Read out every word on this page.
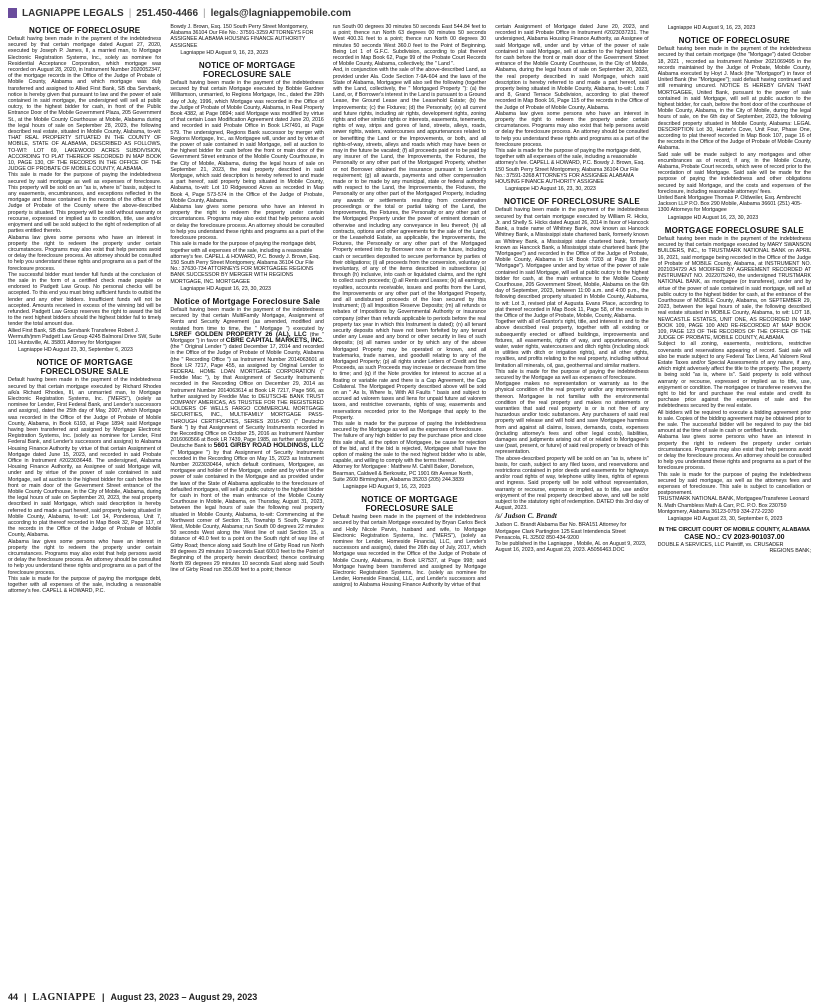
LAGNIAPPE LEGALS | 251.450-4466 | legals@lagniappemobile.com
NOTICE OF FORECLOSURE

Default having been made in the payment of the indebtedness secured by that certain mortgage dated August 27, 2020, executed by Joseph P. James, II, a married man, to Mortgage Electronic Registration Systems, Inc., solely as nominee for Residential Acceptance Corporation, which mortgage was recorded on August 28, 2020, in Instrument Number 2020052347, of the mortgage records in the Office of the Judge of Probate of Mobile County, Alabama and which mortgage was duly transferred and assigned to Allied First Bank, SB dba Servbank, notice is hereby given that pursuant to law and the power of sale contained in said mortgage, the undersigned will sell at public outcry, to the highest bidder for cash, in front of the Public Entrance Door of the Mobile Government Plaza, 205 Government St., at the Mobile County Courthouse at Mobile, Alabama during the legal hours of sale on September 28, 2023, the following described real estate, situated in Mobile County, Alabama, to-wit: THAT REAL PROPERTY SITUATED IN THE COUNTY OF MOBILE, STATE OF ALABAMA, DESCRIBED AS FOLLOWS, TO-WIT: LOT 69, LAKEWOOD ACRES SUBDIVISION, ACCORDING TO PLAT THEREOF RECORDED IN MAP BOOK 10, PAGE 130, OF THE RECORDS IN THE OFFICE OF THE JUDGE OF PROBATE OF MOBILE COUNTY, ALABAMA.

This sale is made for the purpose of paying the indebtedness secured by said mortgage as well as expenses of foreclosure. This property will be sold on an "as is, where is" basis, subject to any easements, encumbrances, and exceptions reflected in the mortgage and those contained in the records of the office of the Judge of Probate of the County where the above-described property is situated. This property will be sold without warranty or recourse, expressed or implied as to condition, title, use and/or enjoyment and will be sold subject to the right of redemption of all parties entitled thereto.

Alabama law gives some persons who have an interest in property the right to redeem the property under certain circumstances. Programs may also exist that help persons avoid or delay the foreclosure process. An attorney should be consulted to help you understand these rights and programs as a part of the foreclosure process.

The successful bidder must tender full funds at the conclusion of the sale in the form of a certified check made payable or endorsed to Padgett Law Group. No personal checks will be accepted. To this end you must bring sufficient funds to outbid the lender and any other bidders. Insufficient funds will not be accepted. Amounts received in excess of the winning bid will be refunded. Padgett Law Group reserves the right to award the bid to the next highest bidders should the highest bidder fail to timely tender the total amount due.

Allied First Bank, SB dba Servbank Transferee Robert J. Wermuth/jmm Padgett Law Group 4245 Balmoral Drive SW, Suite 101 Huntsville, AL 35801 Attorney for Mortgagee

Lagniappe HD August 23, 30, September 6, 2023

NOTICE OF MORTGAGE FORECLOSURE SALE

Default having been made in the payment of the indebtedness secured by that certain mortgage executed by Richard Rhodes a/k/a Richard Rhodes, III, an unmarried man, to Mortgage Electronic Registration Systems, Inc. ("MERS"), (solely as nominee for Lender, First Federal Bank, and Lender's successors and assigns), dated the 25th day of May, 2007, which Mortgage was recorded in the Office of the Judge of Probate of Mobile County, Alabama, in Book 6193, at Page 1894; said Mortgage having been transferred and assigned by Mortgage Electronic Registration Systems, Inc. (solely as nominee for Lender, First Federal Bank, and Lender's successors and assigns) to Alabama Housing Finance Authority by virtue of that certain Assignment of Mortgage dated June 15, 2023, and recorded in said Probate Office in Instrument #2023036448. The undersigned, Alabama Housing Finance Authority, as Assignee of said Mortgage will, under and by virtue of the power of sale contained in said Mortgage, sell at auction to the highest bidder for cash before the front or main door of the Government Street entrance of the Mobile County Courthouse, in the City of Mobile, Alabama, during the legal hours of sale on September 20, 2023, the real property described in said Mortgage, which said description is hereby referred to and made a part hereof, said property being situated in Mobile County, Alabama, to-wit: Lot 14, Ponderosa, Unit 7, according to plat thereof recorded in Map Book 32, Page 117, of the records in the Office of the Judge of Probate of Mobile County, Alabama.

Alabama law gives some persons who have an interest in property the right to redeem the property under certain circumstances. Programs may also exist that help persons avoid or delay the foreclosure process. An attorney should be consulted to help you understand these rights and programs as a part of the foreclosure process.

This sale is made for the purpose of paying the mortgage debt, together with all expenses of the sale, including a reasonable attorney's fee. CAPELL & HOWARD, P.C.

Bowdy J. Brown, Esq. 150 South Perry Street Montgomery, Alabama 36104 Our File No.: 37591-3259 ATTORNEYS FOR ASSIGNEE ALABAMA HOUSING FINANCE AUTHORITY ASSIGNEE

Lagniappe HD August 9, 16, 23, 2023

NOTICE OF MORTGAGE FORECLOSURE SALE

Default having been made in the payment of the indebtedness secured by that certain Mortgage executed by Bobbie Gardner Williamson, unmarried, to Regions Mortgage, Inc., dated the 29th day of July, 1996, which Mortgage was recorded in the Office of the Judge of Probate of Mobile County, Alabama, in Real Property Book 4382, at Page 0894; said Mortgage was modified by virtue of that certain Loan Modification Agreement dated June 20, 2016 and recorded in said Probate Office in Book LR7491, at Page 579. The undersigned, Regions Bank successor by merger with Regions Mortgage, Inc., as Mortgagee will, under and by virtue of the power of sale contained in said Mortgage, sell at auction to the highest bidder for cash before the front or main door of the Government Street entrance of the Mobile County Courthouse, in the City of Mobile, Alabama, during the legal hours of sale on September 21, 2023, the real property described in said Mortgage, which said description is hereby referred to and made a part hereof, said property being situated in Mobile County, Alabama, to-wit: Lot 10 Ridgewood Acres as recorded in Map Book 4, Page 573-574 in the Office of the Judge of Probate, Mobile County, Alabama.

Alabama law gives some persons who have an interest in property the right to redeem the property under certain circumstances. Programs may also exist that help persons avoid or delay the foreclosure process. An attorney should be consulted to help you understand these rights and programs as a part of the foreclosure process.

This sale is made for the purpose of paying the mortgage debt, together with all expenses of the sale, including a reasonable attorney's fee. CAPELL & HOWARD, P.C. Bowdy J. Brown, Esq. 150 South Perry Street Montgomery, Alabama 36104 Our File No.: 37630-734 ATTORNEYS FOR MORTGAGEE REGIONS BANK SUCCESSOR BY MERGER WITH REGIONS MORTGAGE, INC. MORTGAGEE

Lagniappe HD August 16, 23, 30, 2023

Notice of Mortgage Foreclosure Sale

Default having been made in the payment of the indebtedness secured by that certain MultiFamily Mortgage, Assignment of Rents and Security Agreement (as amended, modified and restated from time to time, the " Mortgage ") executed by LSREF GOLDEN PROPERTY 26 (AL), LLC (the " Mortgagor ") in favor of CBRE CAPITAL MARKETS, INC. (the " Original Lender ") dated December 17, 2014 and recorded in the Office of the Judge of Probate of Mobile County, Alabama (the " Recording Office ") as Instrument Number 2014063601 at Book LR 7217, Page 455, as assigned by Original Lender to FEDERAL HOME LOAN MORTGAGE CORPORATION (" Freddie Mac "), by that Assignment of Security Instruments recorded in the Recording Office on December 29, 2014 as Instrument Number 2014063614 at Book LR 7217, Page 566, as further assigned by Freddie Mac to DEUTSCHE BANK TRUST COMPANY AMERICAS, AS TRUSTEE FOR THE REGISTERED HOLDERS OF WELLS FARGO COMMERCIAL MORTGAGE SECURITIES, INC., MULTIFAMILY MORTGAGE PASS-THROUGH CERTIFICATES, SERIES 2016-K50 (" Deutsche Bank ") by that Assignment of Security Instruments recorded in the Recording Office on October 25, 2016 as Instrument Number 2016060566 at Book LR 7439, Page 1985, as further assigned by Deutsche Bank to 5601 GIRBY ROAD HOLDINGS, LLC (" Mortgagee ") by that Assignment of Security Instruments recorded in the Recording Office on May 15, 2023 as Instrument Number 2023030464, which default continues, Mortgagee, as mortgagee and holder of the Mortgage, under and by virtue of the power of sale contained in the Mortgage and as provided under the laws of the State of Alabama applicable to the foreclosure of defaulted mortgages, will sell at public outcry to the highest bidder for cash in front of the main entrance of the Mobile County Courthouse in Mobile, Alabama, on Thursday, August 31, 2023, between the legal hours of sale the following real property situated in Mobile County, Alabama, to-wit: Commencing at the Northwest corner of Section 15, Township 5 South, Range 2 West, Mobile County, Alabama; run South 00 degrees 22 minutes 50 seconds West along the West line of said Section 15, a distance of 40.0 feet to a point on the South right of way line of Girby Road; thence along said South line of Girby Road run North 89 degrees 29 minutes 10 seconds East 600.0 feet to the Point of Beginning of the property herein described; thence continuing North 89 degrees 29 minutes 10 seconds East along said South line of Girby Road run 355.08 feet to a point; thence

run South 00 degrees 30 minutes 50 seconds East 544.84 feet to a point; thence run North 63 degrees 00 minutes 50 seconds West 400.31 feet to a point; thence run North 00 degrees 30 minutes 50 seconds West 360.0 feet to the Point of Beginning. Being Lot 1 of G.F.C. Subdivision, according to plat thereof recorded in Map Book 62, Page 99 of the Probate Court Records of Mobile County, Alabama, collectively, the " Land ".

And, in conjunction with the sale of the above-described Land, as provided under Ala. Code Section 7-9A-604 and the laws of the State of Alabama, Mortgagee will also sell the following (together with the Land, collectively, the " Mortgaged Property "): (a) the Land, or, if Borrower's interest in the Land is pursuant to a Ground Lease, the Ground Lease and the Leasehold Estate; (b) the Improvements; (c) the Fixtures; (d) the Personalty; (e) all current and future rights, including air rights, development rights, zoning rights and other similar rights or interests, easements, tenements, rights of way, strips and gores of land, streets, alleys, roads, sewer rights, waters, watercourses and appurtenances related to or benefitting the Land or the Improvements, or both, and all rights-of-way, streets, alleys and roads which may have been or may in the future be vacated; (f) all proceeds paid or to be paid by any insurer of the Land, the Improvements, the Fixtures, the Personalty or any other part of the Mortgaged Property, whether or not Borrower obtained the insurance pursuant to Lender's requirement; (g) all awards, payments and other compensation made or to be made by any municipal, state or federal authority with respect to the Land, the Improvements, the Fixtures, the Personalty or any other part of the Mortgaged Property, including any awards or settlements resulting from condemnation proceedings or the total or partial taking of the Land, the Improvements, the Fixtures, the Personalty or any other part of the Mortgaged Property under the power of eminent domain or otherwise and including any conveyance in lieu thereof; (h) all contracts, options and other agreements for the sale of the Land, or the Leasehold Estate, as applicable, the Improvements, the Fixtures, the Personalty or any other part of the Mortgaged Property entered into by Borrower now or in the future, including cash or securities deposited to secure performance by parties of their obligations; (i) all proceeds from the conversion, voluntary or involuntary, of any of the items described in subsections (a) through (h) inclusive, into cash or liquidated claims, and the right to collect such proceeds; (j) all Rents and Leases; (k) all earnings, royalties, accounts receivable, issues and profits from the Land, the Improvements or any other part of the Mortgaged Property, and all undisbursed proceeds of the loan secured by this Instrument; (l) all Imposition Reserve Deposits; (m) all refunds or rebates of Impositions by Governmental Authority or insurance company (other than refunds applicable to periods before the real property tax year in which this Instrument is dated); (n) all tenant security deposits which have not been forfeited by any tenant under any Lease and any bond or other security in lieu of such deposits; (o) all names under or by which any of the above Mortgaged Property may be operated or known, and all trademarks, trade names, and goodwill relating to any of the Mortgaged Property; (p) all rights under Letters of Credit and the Proceeds, as such Proceeds may increase or decrease from time to time; and (q) if the Note provides for interest to accrue at a floating or variable rate and there is a Cap Agreement, the Cap Collateral. The Mortgaged Property described above will be sold on an " As Is, Where Is, With All Faults " basis and subject to accrued ad valorem taxes and liens for unpaid future ad valorem taxes, and restrictive covenants, rights of way, easements and reservations recorded prior to the Mortgage that apply to the Property.

This sale is made for the purpose of paying the indebtedness secured by the Mortgage as well as the expenses of foreclosure.

The failure of any high bidder to pay the purchase price and close this sale shall, at the option of Mortgagee, be cause for rejection of the bid, and if the bid is rejected, Mortgagee shall have the option of making the sale to the next highest bidder who is able, capable, and willing to comply with the terms thereof.

Attorney for Mortgagee : Matthew M. Cahill Baker, Donelson, Bearman, Caldwell & Berkowitz, PC 1901 6th Avenue North, Suite 2600 Birmingham, Alabama 35203 (205) 244.3839

Lagniappe HD August 9, 16, 23, 2023

NOTICE OF MORTGAGE FORECLOSURE SALE

Default having been made in the payment of the indebtedness secured by that certain Mortgage executed by Bryan Carlos Beck and Holly Nicole Parvin, husband and wife, to Mortgage Electronic Registration Systems, Inc. ("MERS"), (solely as nominee for Lender, Homeside Financial, LLC, and Lender's successors and assigns), dated the 26th day of July, 2017, which Mortgage was recorded in the Office of the Judge of Probate of Mobile County, Alabama, in Book LR7537, at Page 998; said Mortgage having been transferred and assigned by Mortgage Electronic Registration Systems, Inc. (solely as nominee for Lender, Homeside Financial, LLC, and Lender's successors and assigns) to Alabama Housing Finance Authority by virtue of that

certain Assignment of Mortgage dated June 20, 2023, and recorded in said Probate Office in Instrument #2023037231. The undersigned, Alabama Housing Finance Authority, as Assignee of said Mortgage will, under and by virtue of the power of sale contained in said Mortgage, sell at auction to the highest bidder for cash before the front or main door of the Government Street entrance of the Mobile County Courthouse, in the City of Mobile, Alabama, during the legal hours of sale on September 20, 2023, the real property described in said Mortgage, which said description is hereby referred to and made a part hereof, said property being situated in Mobile County, Alabama, to-wit: Lots 7 and 8, Grand Terrace Subdivision, according to plat thereof recorded in Map Book 16, Page 115 of the records in the Office of the Judge of Probate of Mobile County, Alabama.

Alabama law gives some persons who have an interest in property the right to redeem the property under certain circumstances. Programs may also exist that help persons avoid or delay the foreclosure process. An attorney should be consulted to help you understand these rights and programs as a part of the foreclosure process.

This sale is made for the purpose of paying the mortgage debt, together with all expenses of the sale, including a reasonable attorney's fee. CAPELL & HOWARD, P.C. Bowdy J. Brown, Esq. 150 South Perry Street Montgomery, Alabama 36104 Our File No.: 37591-3268 ATTORNEYS FOR ASSIGNEE ALABAMA HOUSING FINANCE AUTHORITY ASSIGNEE

Lagniappe HD August 16, 23, 30, 2023

NOTICE OF FORECLOSURE SALE

Default having been made in the payment of the indebtedness secured by that certain mortgage executed by William R. Hicks, Jr. and Shelly S. Hicks dated August 26, 2014 in favor of Hancock Bank, a trade name of Whitney Bank, now known as Hancock Whitney Bank, a Mississippi state chartered bank, formerly known as Whitney Bank, a Mississippi state chartered bank, formerly known as Hancock Bank, a Mississippi state chartered bank (the "Mortgagee") and recorded in the Office of the Judge of Probate, Mobile County, Alabama in LR Book 7203 at Page 93 (the "Mortgage"). Mortgagee under and by virtue of the power of sale contained in said Mortgage, will sell at public outcry to the highest bidder for cash, at the main entrance to the Mobile County Courthouse, 205 Government Street, Mobile, Alabama on the 6th day of September, 2023, between 11:00 a.m. and 4:00 p.m., the following described property situated in Mobile County, Alabama, to wit: Lot 3, revised plat of Augusta Evans Place, according to plat thereof recorded in Map Book 11, Page 58, of the records in the Office of the Judge of Probate, Mobile, County, Alabama.

Together with all of Grantor's right, title, and interest in and to the above described real property, together with all existing or subsequently erected or affixed buildings, improvements and fixtures, all easements, rights of way, and appurtenances, all water, water rights, watercourses and ditch rights (including stock in utilities with ditch or irrigation rights), and all other rights, royalties, and profits relating to the real property, including without limitation all minerals, oil, gas, geothermal and similar matters.

This sale is made for the purpose of paying the indebtedness secured by the Mortgage as well as expenses of foreclosure.

Mortgagee makes no representation or warranty as to the physical condition of the real property and/or any improvements thereon. Mortgagee is not familiar with the environmental condition of the real property and makes no statements or warranties that said real property is or is not free of any hazardous and/or toxic substances. Any purchasers of said real property will release and will hold and save Mortgagee harmless from and against all claims, losses, demands, costs, expenses (including attorney's fees and other legal costs), liabilities, damages and judgments arising out of or related to Mortgagee's use (past, present, or future) of said real property or breach of this representation.

The above-described property will be sold on an "as is, where is" basis, for cash, subject to any filed taxes, and reservations and restrictions contained in prior deeds and easements for highways and/or road rights of way, telephone utility lines, rights of egress and ingress. Said property will be sold without representation, warranty or recourse, express or implied, as to title, use and/or enjoyment of the real property described above, and will be sold subject to the statutory right of redemption. DATED this 3rd day of August, 2023.

/s/ Judson C. Brandt

Judson C. Brandt Alabama Bar No. BRA151 Attorney for Mortgagee Clark Partington 125 East Intendencia Street Pensacola, FL 32502 850-434-9200

To be published in the Lagniappe , Mobile, AL on August 9, 2023, August 16, 2023, and August 23, 2023. A5056463.DOC

Lagniappe HD August 9, 16, 23, 2023

NOTICE OF FORECLOSURE

Default having been made in the payment of the indebtedness secured by that certain mortgage (the "Mortgage") dated October 18, 2021 , recorded as Instrument Number 2021069495 in the records maintained by the Judge of Probate, Mobile County, Alabama executed by Hoyt J. Mack (the "Mortgagor") in favor of United Bank (the "Mortgagee"); said default having continued and still remaining uncured. NOTICE IS HEREBY GIVEN THAT MORTGAGEE, United Bank, pursuant to the power of sale contained in said Mortgage, will sell at public auction to the highest bidder, for cash, before the front door of the courthouse of Mobile County, Alabama, in the City of Mobile, during the legal hours of sale, on the 6th day of September, 2023, the following described property situated in Mobile County, Alabama: LEGAL DESCRIPTION Lot 30, Hunter's Cove, Unit Four, Phase One, according to plat thereof recorded in Map Book 107, page 16 of the records in the Office of the Judge of Probate of Mobile County Alabama.

Said sale will be made subject to any mortgages and other encumbrances as of record, if any, in the Mobile County, Alabama, Probate Court records, which were of record prior to the recordation of said Mortgage. Said sale will be made for the purpose of paying the indebtedness and other obligations secured by said Mortgage, and the costs and expenses of the foreclosure, including reasonable attorneys' fees.

United Bank Mortgagee Thomas P. Oldweiler, Esq. Armbrecht Jackson LLP P.O. Box 290 Mobile, Alabama 36601 (251) 405-1300 Attorneys for Mortgagee

Lagniappe HD August 16, 23, 30, 2023

MORTGAGE FORECLOSURE SALE

Default having been made in the payment of the indebtedness secured by that certain mortgage executed by MARY SWANSON BUILDERS, INC., to TRUSTMARK NATIONAL BANK on APRIL 16, 2021, said mortgage being recorded in the Office of the Judge of Probate of MOBILE County, Alabama, at INSTRUMENT NO. 2021034729 AS MODIFIED BY AGREEMENT RECORDED AT INSTRUMENT NO. 2022075240, the undersigned TRUSTMARK NATIONAL BANK, as mortgagee (or transferee), under and by virtue of the power of sale contained in said mortgage, will sell at public outcry to the highest bidder for cash, at the entrance of the Courthouse of MOBILE County, Alabama, on SEPTEMBER 29, 2023, between the legal hours of sale, the following described real estate situated in MOBILE County, Alabama, to wit: LOT 18, NEWCASTLE ESTATES, UNIT ONE, AS RECORDED IN MAP BOOK 109, PAGE 100 AND RE-RECORDED AT MAP BOOK 109, PAGE 123 OF THE RECORDS OF THE OFFICE OF THE JUDGE OF PROBATE, MOBILE COUNTY, ALABAMA

Subject to all zoning, easements, restrictions, restrictive covenants and reservations appearing of record. Said sale will also be made subject to any Federal Tax Liens, Ad Valorem Real Estate Taxes and/or Special Assessments of any nature, if any, which might adversely affect the title to the property. The property is being sold "as is, where is". Said property is sold without warranty or recourse, expressed or implied as to title, use, enjoyment or condition. The mortgagee or transferee reserves the right to bid for and purchase the real estate and credit its purchase price against the expenses of sale and the indebtedness secured by the real estate.

All bidders will be required to execute a bidding agreement prior to sale. Copies of the bidding agreement may be obtained prior to the sale. The successful bidder will be required to pay the bid amount at the time of sale in cash or certified funds.

Alabama law gives some persons who have an interest in property the right to redeem the property under certain circumstances. Programs may also exist that help persons avoid or delay the foreclosure process. An attorney should be consulted to help you understand these rights and programs as a part of the foreclosure process.

This sale is made for the purpose of paying the indebtedness secured by said mortgage, as well as the attorneys fees and expenses of foreclosure. This sale is subject to cancellation or postponement.

TRUSTMARK NATIONAL BANK, Mortgagee/Transferee Leonard N. Math Chambless Math & Carr, P.C. P.O. Box 230759 Montgomery, Alabama 36123-0759 334-272-2230

Lagniappe HD August 23, 30, September 6, 2023

IN THE CIRCUIT COURT OF MOBILE COUNTY, ALABAMA

CASE NO.: CV 2023-901037.00

DOUBLE A SERVICES, LLC Plaintiff, vs. CRUSADER

REGIONS BANK;

44 | LAGNIAPPE | August 23, 2023 – August 29, 2023
